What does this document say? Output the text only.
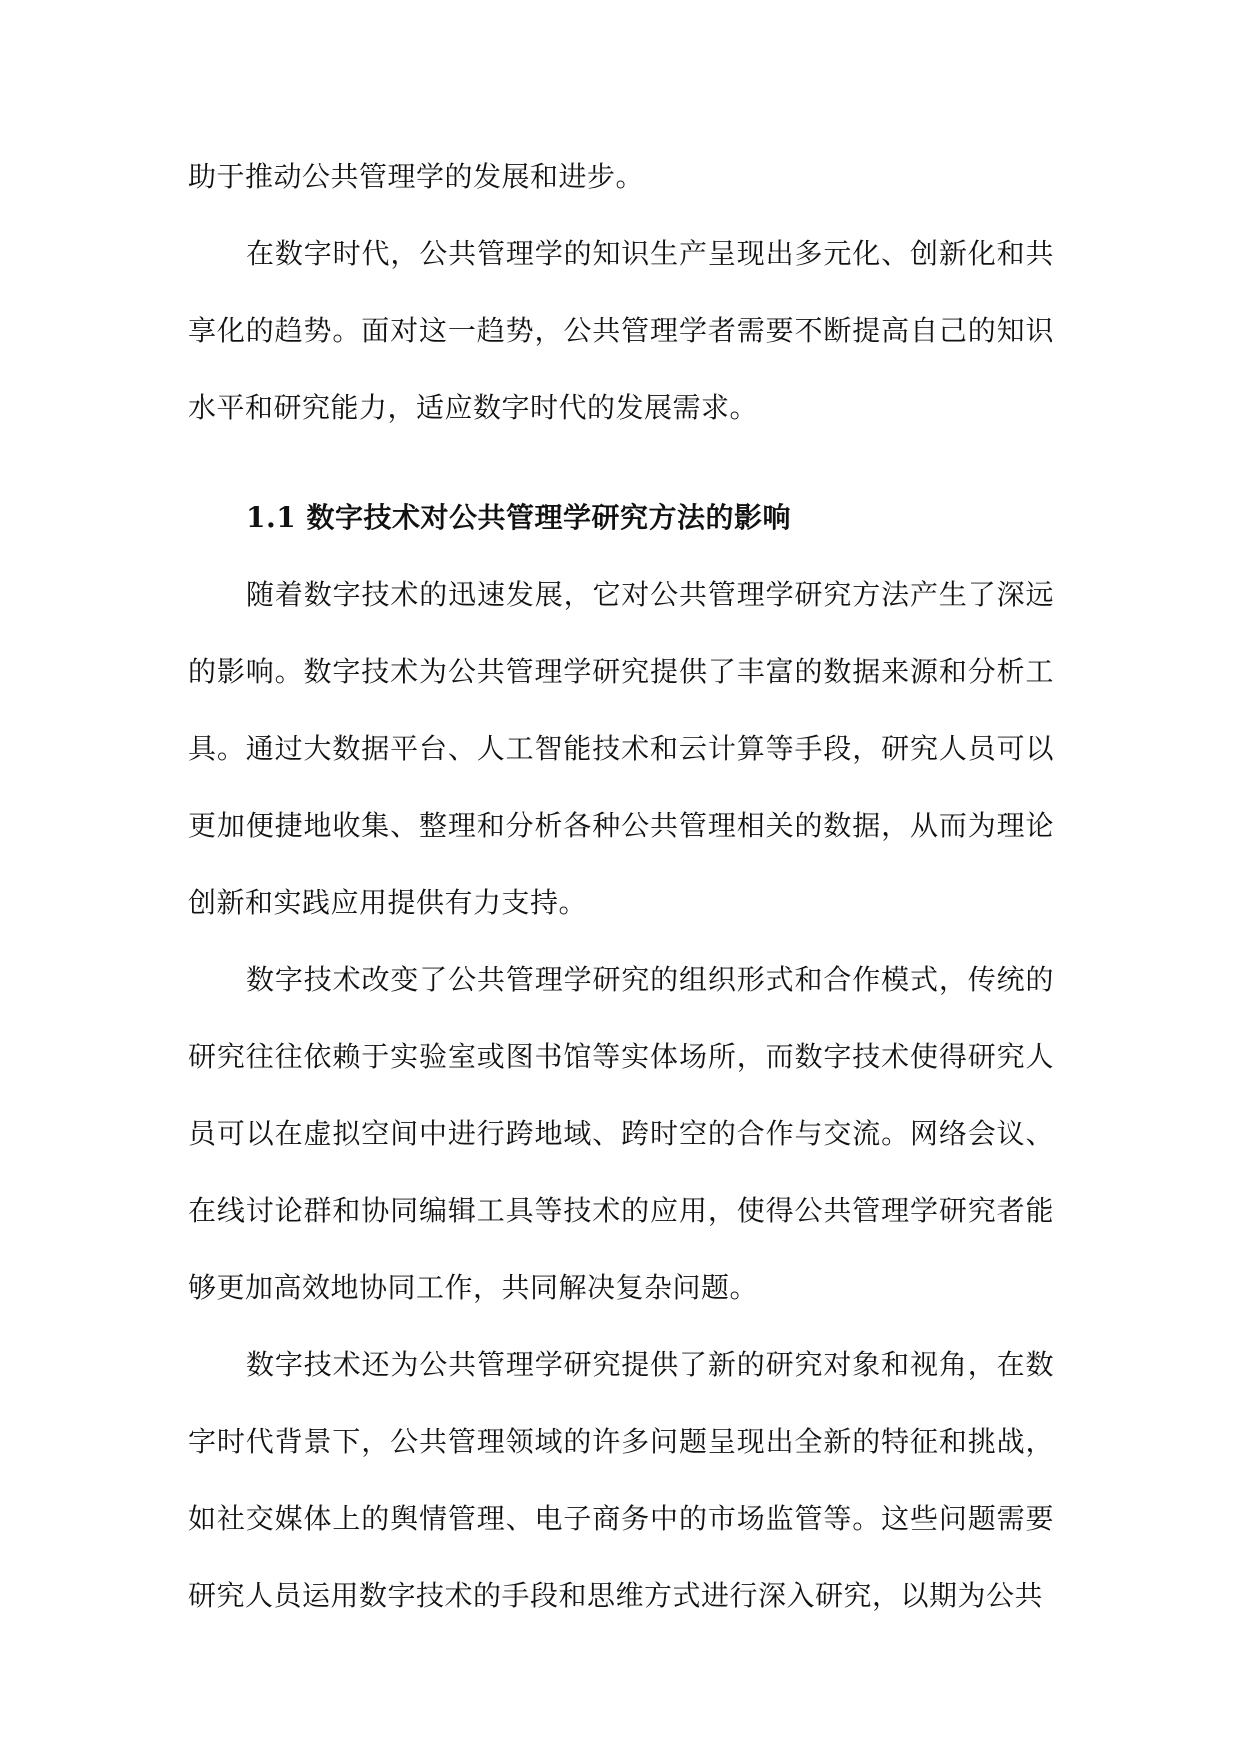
助于推动公共管理学的发展和进步。

在数字时代，公共管理学的知识生产呈现出多元化、创新化和共享化的趋势。面对这一趋势，公共管理学者需要不断提高自己的知识水平和研究能力，适应数字时代的发展需求。

1.1 数字技术对公共管理学研究方法的影响

随着数字技术的迅速发展，它对公共管理学研究方法产生了深远的影响。数字技术为公共管理学研究提供了丰富的数据来源和分析工具。通过大数据平台、人工智能技术和云计算等手段，研究人员可以更加便捷地收集、整理和分析各种公共管理相关的数据，从而为理论创新和实践应用提供有力支持。

数字技术改变了公共管理学研究的组织形式和合作模式，传统的研究往往依赖于实验室或图书馆等实体场所，而数字技术使得研究人员可以在虚拟空间中进行跨地域、跨时空的合作与交流。网络会议、在线讨论群和协同编辑工具等技术的应用，使得公共管理学研究者能够更加高效地协同工作，共同解决复杂问题。

数字技术还为公共管理学研究提供了新的研究对象和视角，在数字时代背景下，公共管理领域的许多问题呈现出全新的特征和挑战，如社交媒体上的舆情管理、电子商务中的市场监管等。这些问题需要研究人员运用数字技术的手段和思维方式进行深入研究，以期为公共
